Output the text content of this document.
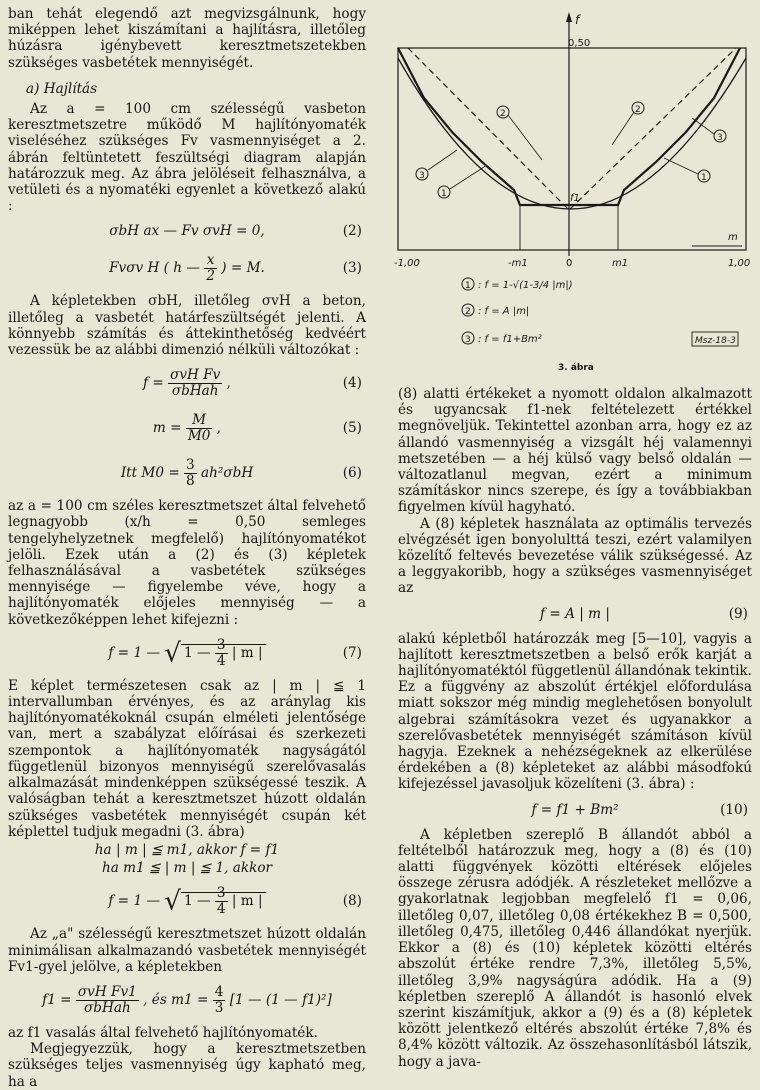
ban tehát elegendő azt megvizsgálnunk, hogy miképpen lehet kiszámítani a hajlításra, illetőleg húzásra igénybevett keresztmetszetekben szükséges vasbetétek mennyiségét.

a) Hajlítás

Az a = 100 cm szélességű vasbeton keresztmetszetre működő M hajlítónyomaték viseléséhez szükséges Fv vasmennyiséget a 2. ábrán feltüntetett feszültségi diagram alapján határozzuk meg. Az ábra jelöléseit felhasználva, a vetületi és a nyomatéki egyenlet a következő alakú :

σbH ax — Fv σvH = 0,	(2)
Fvσv H ( h — $\frac{x}{2}$ ) = M.	(3)

A képletekben σbH, illetőleg σvH a beton, illetőleg a vasbetét határfeszültségét jelenti. A könnyebb számítás és áttekinthetőség kedvéért vezessük be az alábbi dimenzió nélküli változókat :

f = σvH Fv
σbHah ,	(4)
$m = \frac{M}{M0}$ ,	(5)
Itt $M0 = \frac{3}{8} ah^2\sigma bH$	(6)

az a = 100 cm széles keresztmetszet által felvehető legnagyobb (x/h = 0,50 semleges tengelyhelyzetnek megfelelő) hajlítónyomatékot jelöli. Ezek után a (2) és (3) képletek felhasználásával a vasbetétek szükséges mennyisége — figyelembe véve, hogy a hajlítónyomaték előjeles mennyiség — a következőképpen lehet kifejezni :

f = 1 — √ 1 — $\frac{3}{4}$ | m |	(7)

E képlet természetesen csak az | m | ≦ 1 intervallumban érvényes, és az aránylag kis hajlítónyomatékoknál csupán elméleti jelentősége van, mert a szabályzat előírásai és szerkezeti szempontok a hajlítónyomaték nagyságától függetlenül bizonyos mennyiségű szerelővasalás alkalmazását mindenképpen szükségessé teszik. A valóságban tehát a keresztmetszet húzott oldalán szükséges vasbetétek mennyiségét csupán két képlettel tudjuk megadni (3. ábra)

ha | m | ≦ m1, akkor f = f1

ha m1 ≦ | m | ≦ 1, akkor

f = 1 — √ 1 — $\frac{3}{4}$ | m |	(8)

Az „a" szélességű keresztmetszet húzott oldalán minimálisan alkalmazandó vasbetétek mennyiségét Fv1-gyel jelölve, a képletekben

f1 = σvH Fv1
σbHah , és $m1 = \frac{4}{3} [1$ — (1 — f1)²]

az f1 vasalás által felvehető hajlítónyomaték.

Megjegyezzük, hogy a keresztmetszetben szükséges teljes vasmennyiség úgy kapható meg, ha a

f
0,50
f1
m
-1,00	-m1	0	m1	1,00
2
3
1
2
3
1
1 : f = 1-√(1-3/4 |m|)
2 : f = A |m|
3 : f = f1+Bm²	Msz-18-3
3. ábra

(8) alatti értékeket a nyomott oldalon alkalmazott és ugyancsak f1-nek feltételezett értékkel megnöveljük. Tekintettel azonban arra, hogy ez az állandó vasmennyiség a vizsgált héj valamennyi metszetében — a héj külső vagy belső oldalán — változatlanul megvan, ezért a minimum számításkor nincs szerepe, és így a továbbiakban figyelmen kívül hagyható.

A (8) képletek használata az optimális tervezés elvégzését igen bonyolulttá teszi, ezért valamilyen közelítő feltevés bevezetése válik szükségessé. Az a leggyakoribb, hogy a szükséges vasmennyiséget az

f = A | m |	(9)

alakú képletből határozzák meg [5—10], vagyis a hajlított keresztmetszetben a belső erők karját a hajlítónyomatéktól függetlenül állandónak tekintik. Ez a függvény az abszolút értékjel előfordulása miatt sokszor még mindig meglehetősen bonyolult algebrai számításokra vezet és ugyanakkor a szerelővasbetétek mennyiségét számításon kívül hagyja. Ezeknek a nehézségeknek az elkerülése érdekében a (8) képleteket az alábbi másodfokú kifejezéssel javasoljuk közelíteni (3. ábra) :

f = f1 + Bm²	(10)

A képletben szereplő B állandót abból a feltételből határozzuk meg, hogy a (8) és (10) alatti függvények közötti eltérések előjeles összege zérusra adódjék. A részleteket mellőzve a gyakorlatnak legjobban megfelelő f1 = 0,06, illetőleg 0,07, illetőleg 0,08 értékekhez B = 0,500, illetőleg 0,475, illetőleg 0,446 állandókat nyerjük. Ekkor a (8) és (10) képletek közötti eltérés abszolút értéke rendre 7,3%, illetőleg 5,5%, illetőleg 3,9% nagyságúra adódik. Ha a (9) képletben szereplő A állandót is hasonló elvek szerint kiszámítjuk, akkor a (9) és a (8) képletek között jelentkező eltérés abszolút értéke 7,8% és 8,4% között változik. Az összehasonlításból látszik, hogy a java-
